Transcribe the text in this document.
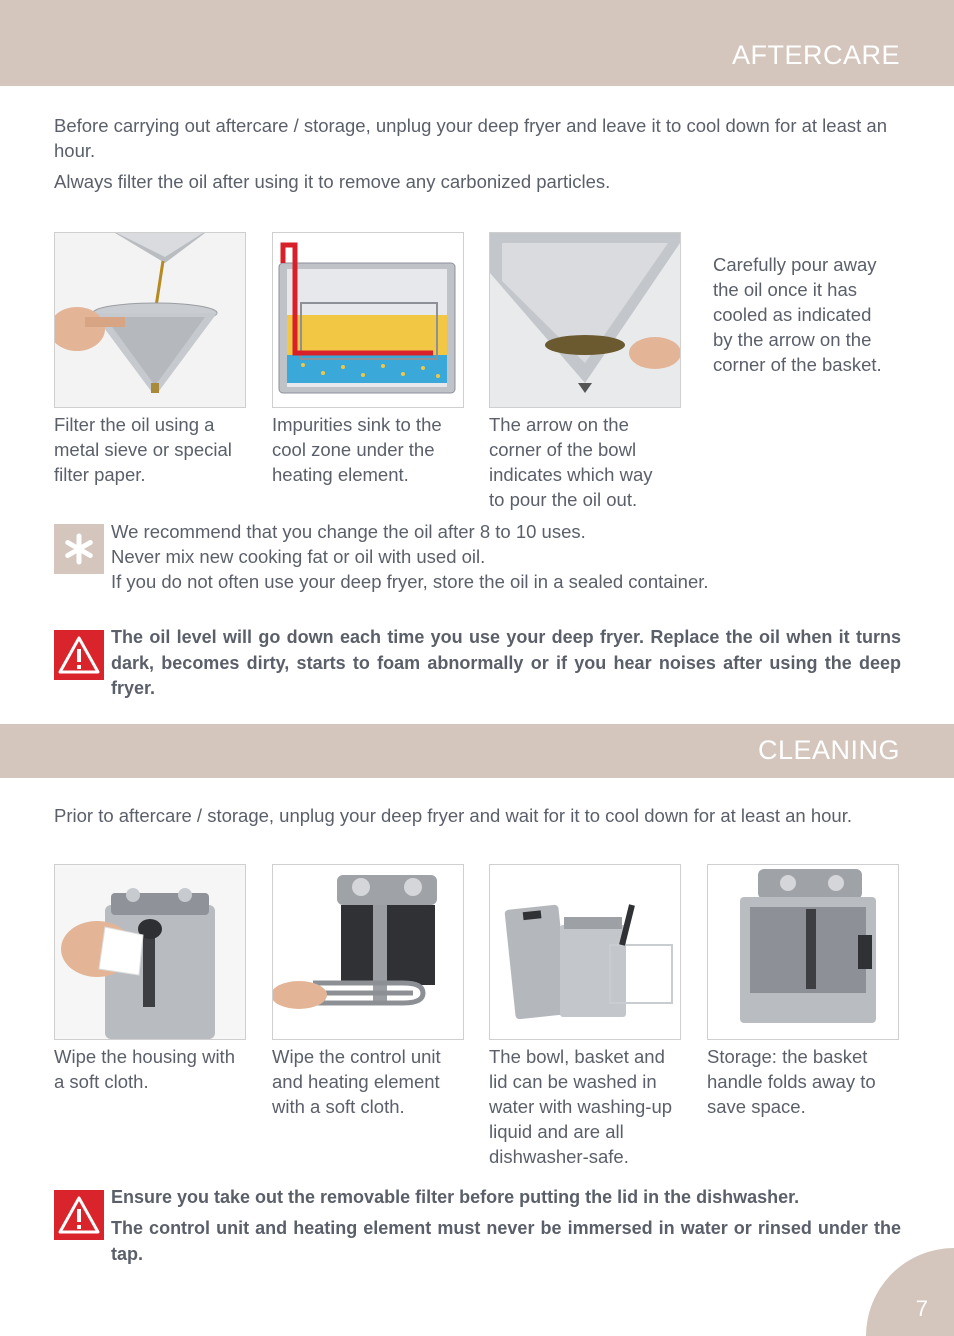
AFTERCARE

Before carrying out aftercare / storage, unplug your deep fryer and leave it to cool down for at least an hour.

Always filter the oil after using it to remove any carbonized particles.

Filter the oil using a metal sieve or special filter paper.

Impurities sink to the cool zone under the heating element.

The arrow on the corner of the bowl indicates which way to pour the oil out.

Carefully pour away the oil once it has cooled as indicated by the arrow on the corner of the basket.

We recommend that you change the oil after 8 to 10 uses.
Never mix new cooking fat or oil with used oil.
If you do not often use your deep fryer, store the oil in a sealed container.
The oil level will go down each time you use your deep fryer. Replace the oil when it turns dark, becomes dirty, starts to foam abnormally or if you hear noises after using the deep fryer.
CLEANING

Prior to aftercare / storage, unplug your deep fryer and wait for it to cool down for at least an hour.

Wipe the housing with a soft cloth.

Wipe the control unit and heating element with a soft cloth.

The bowl, basket and lid can be washed in water with washing-up liquid and are all dishwasher-safe.

Storage: the basket handle folds away to save space.

Ensure you take out the removable filter before putting the lid in the dishwasher.
The control unit and heating element must never be immersed in water or rinsed under the tap.
7
